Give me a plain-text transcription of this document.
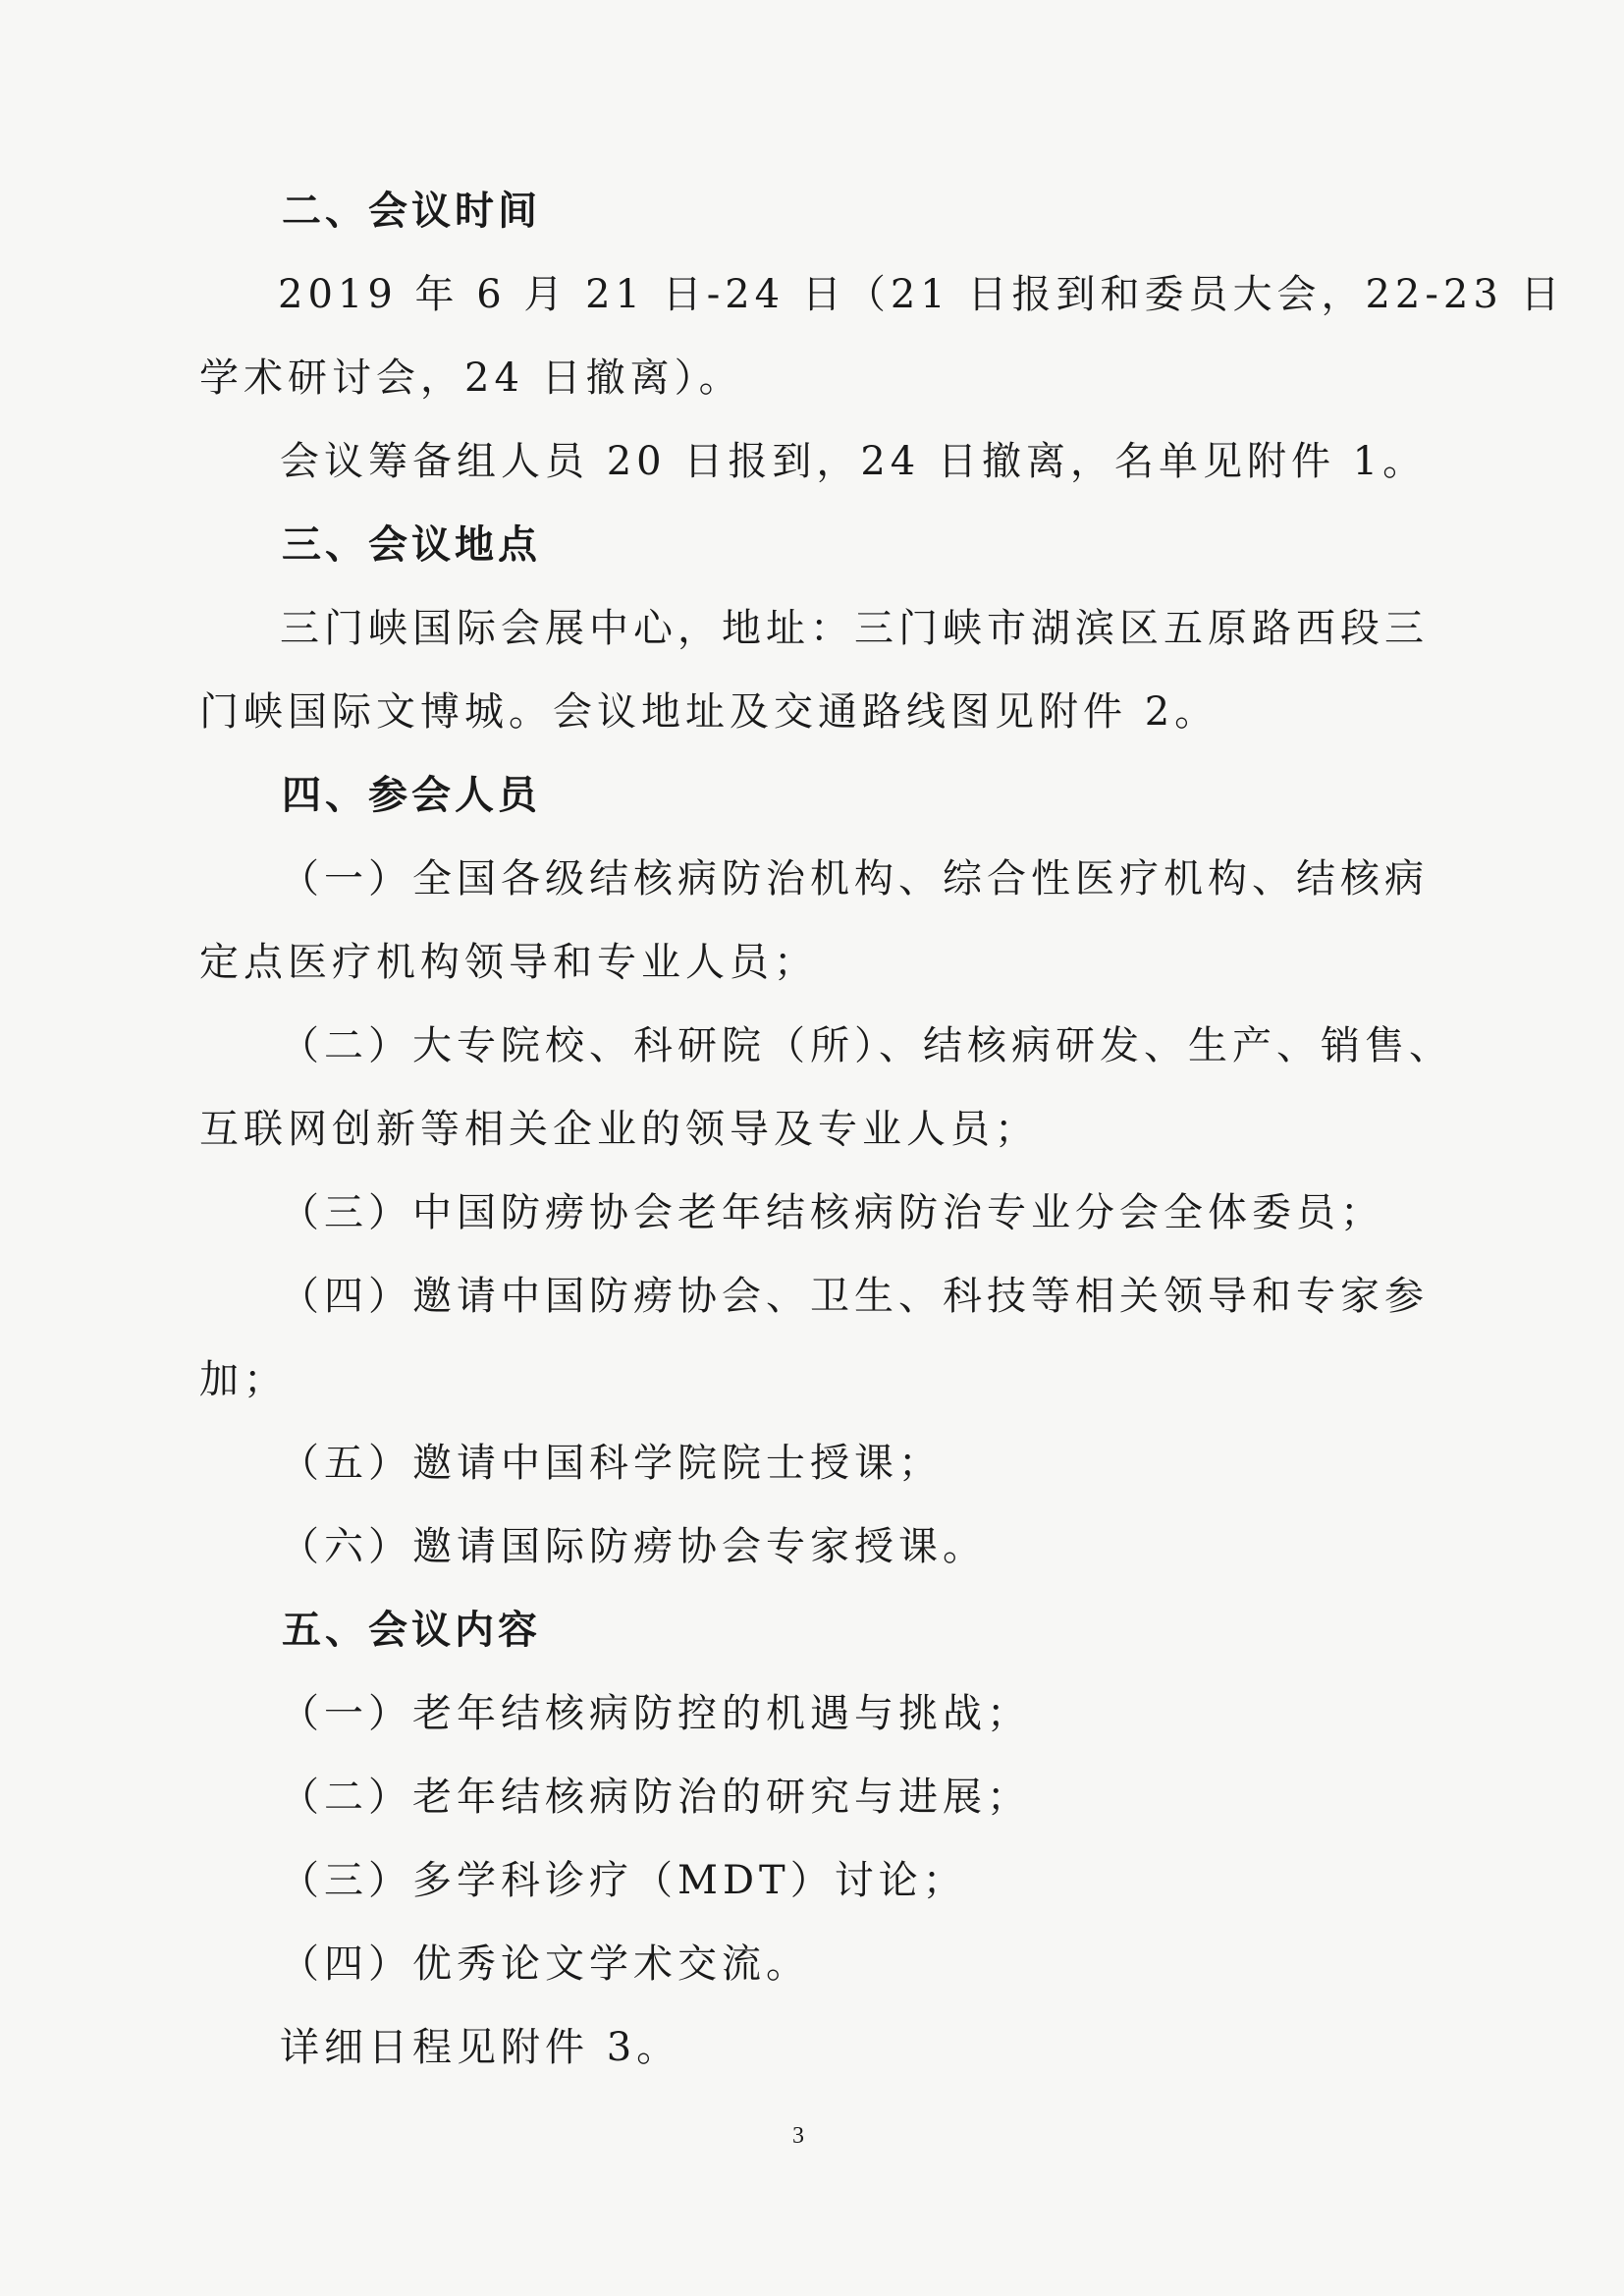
二、会议时间
2019 年 6 月 21 日-24 日（21 日报到和委员大会，22-23 日
学术研讨会，24 日撤离）。
会议筹备组人员 20 日报到，24 日撤离，名单见附件 1。
三、会议地点
三门峡国际会展中心，地址：三门峡市湖滨区五原路西段三
门峡国际文博城。会议地址及交通路线图见附件 2。
四、参会人员
（一）全国各级结核病防治机构、综合性医疗机构、结核病
定点医疗机构领导和专业人员；
（二）大专院校、科研院（所）、结核病研发、生产、销售、
互联网创新等相关企业的领导及专业人员；
（三）中国防痨协会老年结核病防治专业分会全体委员；
（四）邀请中国防痨协会、卫生、科技等相关领导和专家参
加；
（五）邀请中国科学院院士授课；
（六）邀请国际防痨协会专家授课。
五、会议内容
（一）老年结核病防控的机遇与挑战；
（二）老年结核病防治的研究与进展；
（三）多学科诊疗（MDT）讨论；
（四）优秀论文学术交流。
详细日程见附件 3。
3
